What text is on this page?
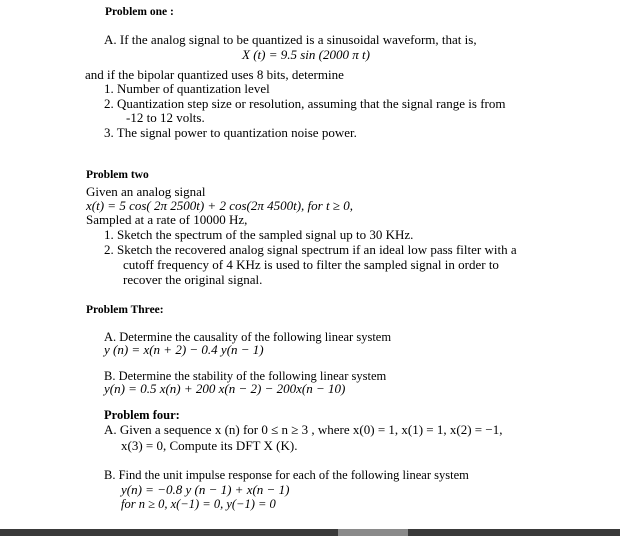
Problem one :
A. If the analog signal to be quantized is a sinusoidal waveform, that is,
X (t) = 9.5 sin (2000 π t)
and if the bipolar quantized uses 8 bits, determine
1. Number of quantization level
2. Quantization step size or resolution, assuming that the signal range is from
-12 to 12 volts.
3. The signal power to quantization noise power.
Problem two
Given an analog signal
x(t) = 5 cos( 2π 2500t) + 2 cos(2π 4500t), for t ≥ 0,
Sampled at a rate of 10000 Hz,
1. Sketch the spectrum of the sampled signal up to 30 KHz.
2. Sketch the recovered analog signal spectrum if an ideal low pass filter with a
cutoff frequency of 4 KHz is used to filter the sampled signal in order to
recover the original signal.
Problem Three:
A. Determine the causality of the following linear system
y (n) = x(n + 2) − 0.4 y(n − 1)
B. Determine the stability of the following linear system
y(n) = 0.5 x(n) + 200 x(n − 2) − 200x(n − 10)
Problem four:
A. Given a sequence x (n) for 0 ≤ n ≥ 3 , where x(0) = 1, x(1) = 1, x(2) = −1,
x(3) = 0, Compute its DFT X (K).
B. Find the unit impulse response for each of the following linear system
y(n) = −0.8 y (n − 1) + x(n − 1)
for n ≥ 0, x(−1) = 0, y(−1) = 0
